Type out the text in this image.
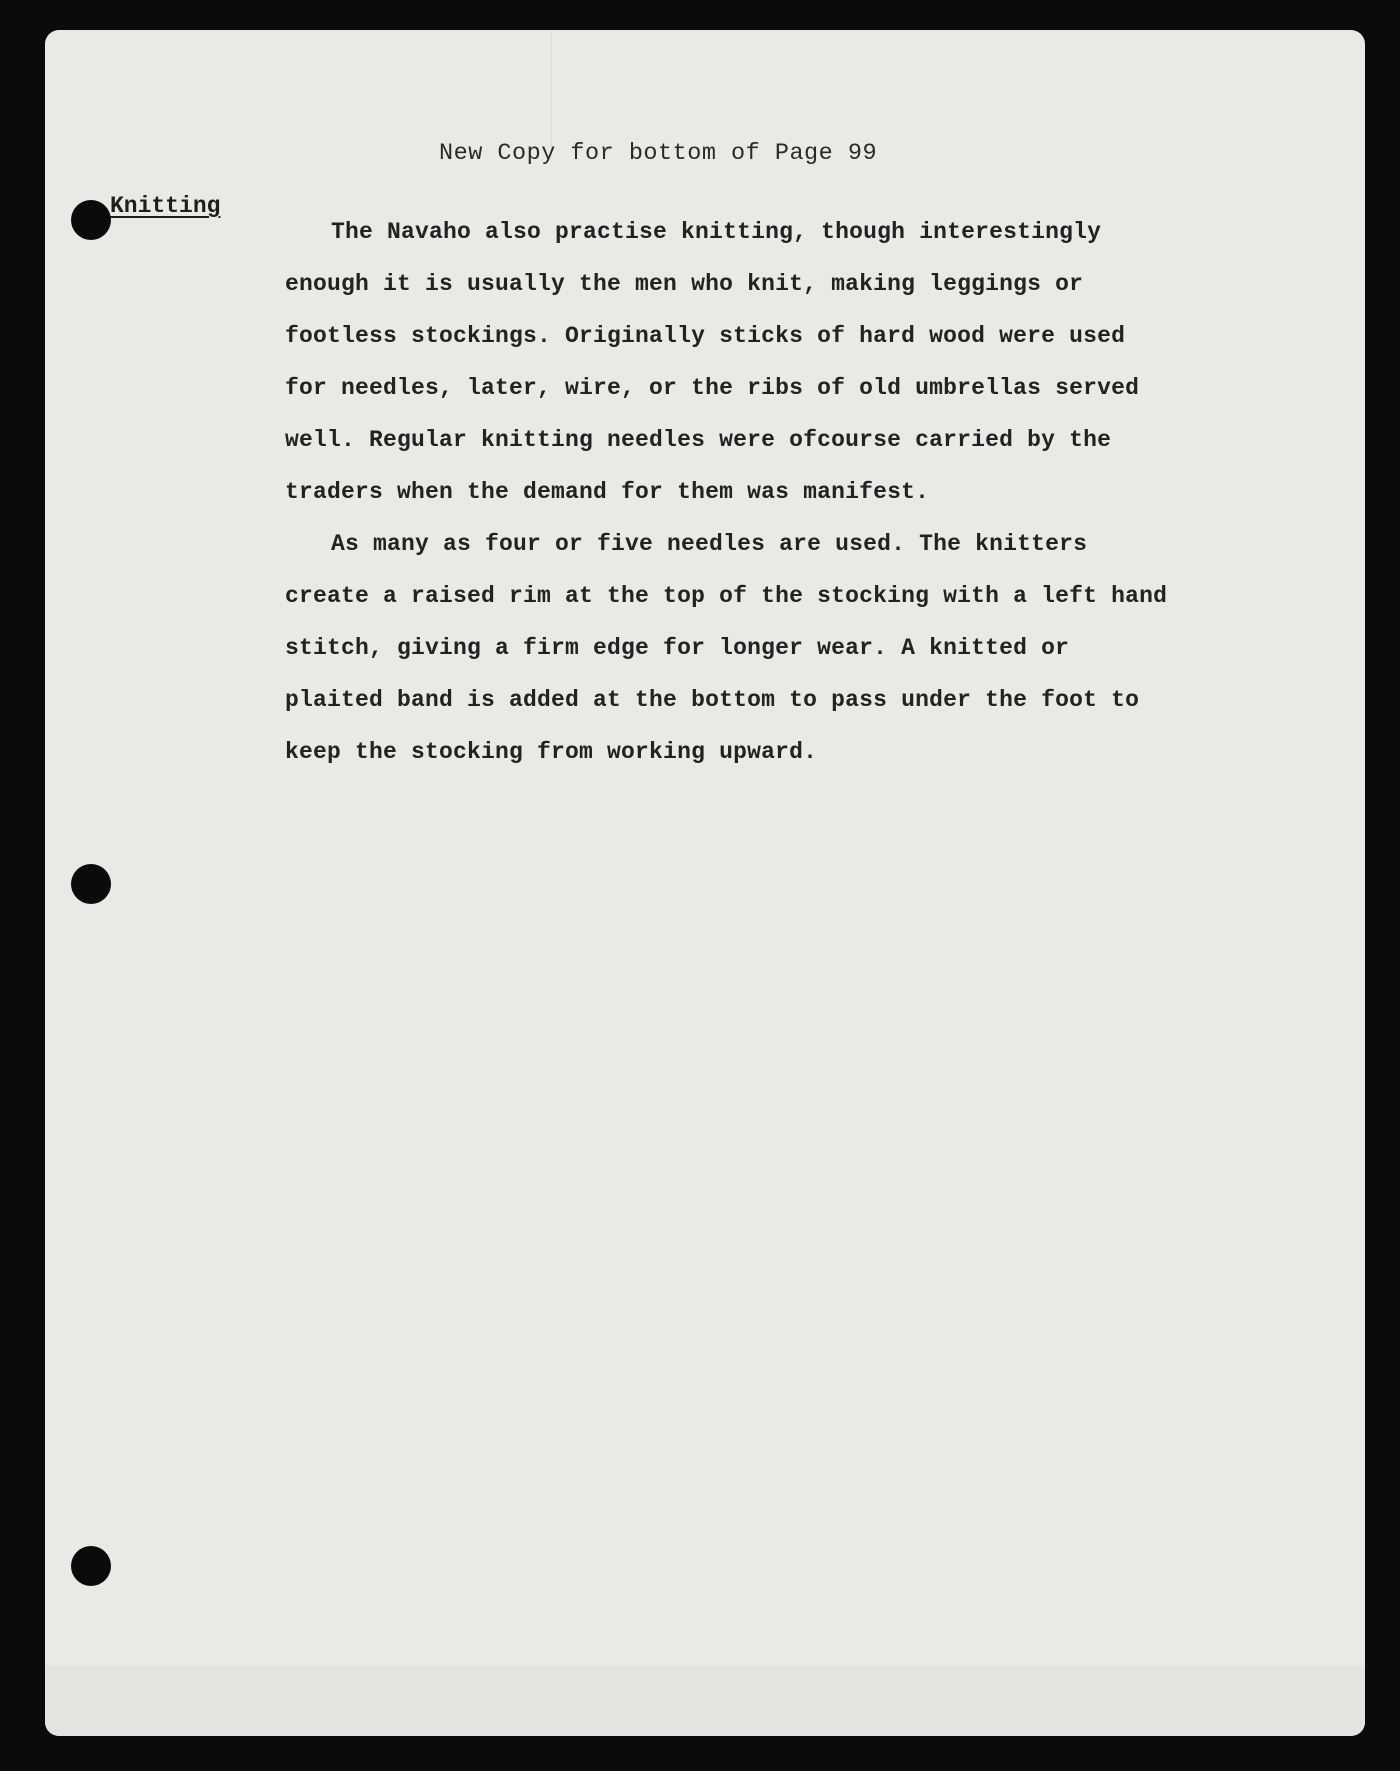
New Copy for bottom of Page 99
Knitting
The Navaho also practise knitting, though interestingly
enough it is usually the men who knit, making leggings or
footless stockings. Originally sticks of hard wood were used
for needles, later, wire, or the ribs of old umbrellas served
well. Regular knitting needles were ofcourse carried by the
traders when the demand for them was manifest.
As many as four or five needles are used. The knitters
create a raised rim at the top of the stocking with a left hand
stitch, giving a firm edge for longer wear. A knitted or
plaited band is added at the bottom to pass under the foot to
keep the stocking from working upward.
